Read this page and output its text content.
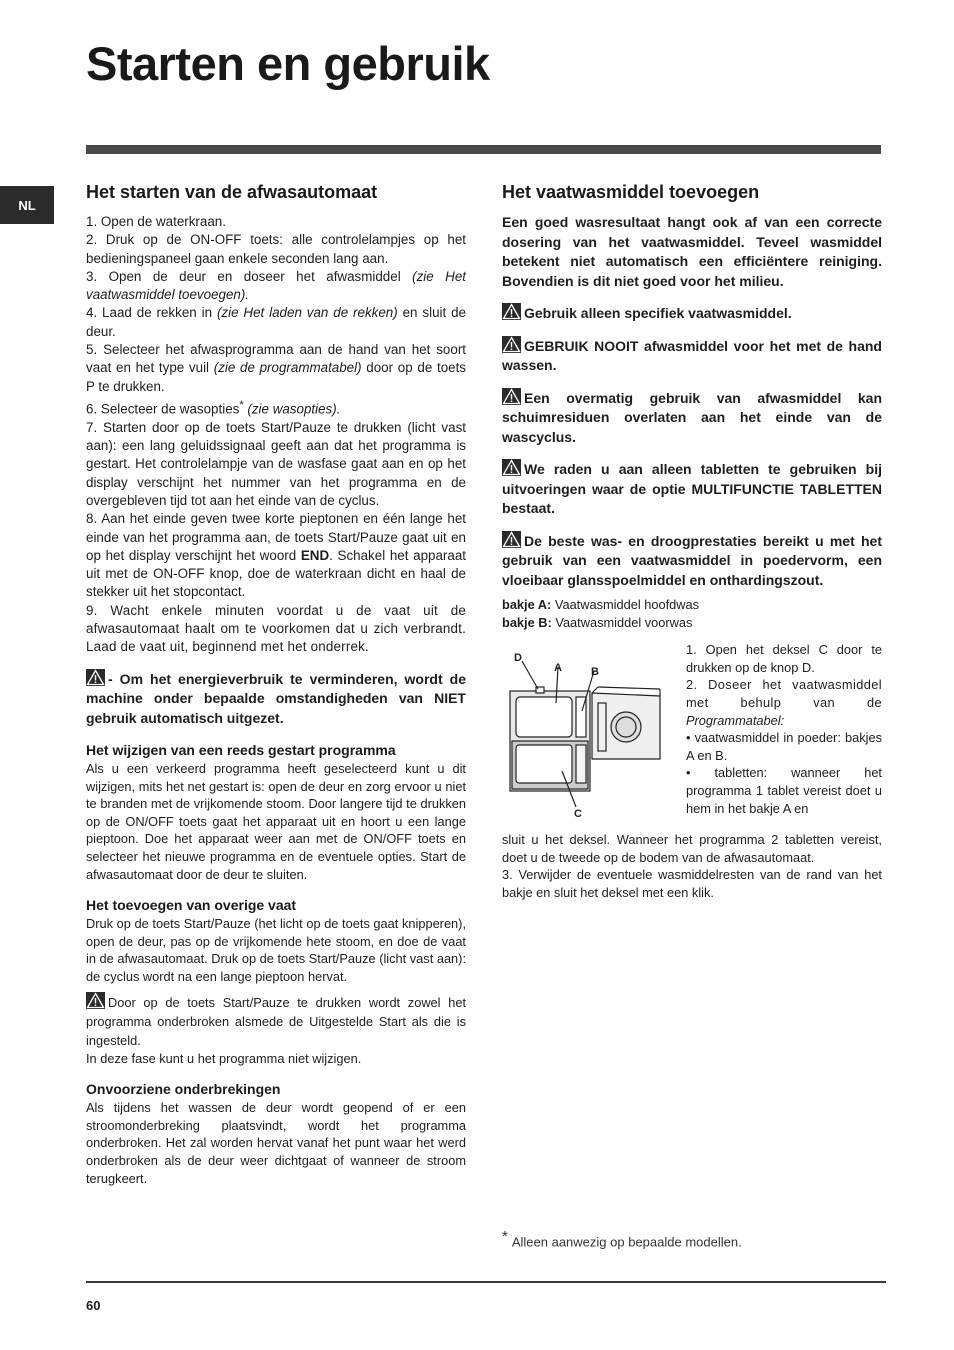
Starten en gebruik
NL
Het starten van de afwasautomaat

1. Open de waterkraan.

2. Druk op de ON-OFF toets: alle controlelampjes op het bedieningspaneel gaan enkele seconden lang aan.

3. Open de deur en doseer het afwasmiddel (zie Het vaatwasmiddel toevoegen).

4. Laad de rekken in (zie Het laden van de rekken) en sluit de deur.

5. Selecteer het afwasprogramma aan de hand van het soort vaat en het type vuil (zie de programmatabel) door op de toets P te drukken.

6. Selecteer de wasopties* (zie wasopties).

7. Starten door op de toets Start/Pauze te drukken (licht vast aan): een lang geluidssignaal geeft aan dat het programma is gestart. Het controlelampje van de wasfase gaat aan en op het display verschijnt het nummer van het programma en de overgebleven tijd tot aan het einde van de cyclus.

8. Aan het einde geven twee korte pieptonen en één lange het einde van het programma aan, de toets Start/Pauze gaat uit en op het display verschijnt het woord END. Schakel het apparaat uit met de ON-OFF knop, doe de waterkraan dicht en haal de stekker uit het stopcontact.

9. Wacht enkele minuten voordat u de vaat uit de afwasautomaat haalt om te voorkomen dat u zich verbrandt. Laad de vaat uit, beginnend met het onderrek.

- Om het energieverbruik te verminderen, wordt de machine onder bepaalde omstandigheden van NIET gebruik automatisch uitgezet.

Het wijzigen van een reeds gestart programma

Als u een verkeerd programma heeft geselecteerd kunt u dit wijzigen, mits het net gestart is: open de deur en zorg ervoor u niet te branden met de vrijkomende stoom. Door langere tijd te drukken op de ON/OFF toets gaat het apparaat uit en hoort u een lange pieptoon. Doe het apparaat weer aan met de ON/OFF toets en selecteer het nieuwe programma en de eventuele opties. Start de afwasautomaat door de deur te sluiten.

Het toevoegen van overige vaat

Druk op de toets Start/Pauze (het licht op de toets gaat knipperen), open de deur, pas op de vrijkomende hete stoom, en doe de vaat in de afwasautomaat. Druk op de toets Start/Pauze (licht vast aan): de cyclus wordt na een lange pieptoon hervat.

Door op de toets Start/Pauze te drukken wordt zowel het programma onderbroken alsmede de Uitgestelde Start als die is ingesteld.

In deze fase kunt u het programma niet wijzigen.

Onvoorziene onderbrekingen

Als tijdens het wassen de deur wordt geopend of er een stroomonderbreking plaatsvindt, wordt het programma onderbroken. Het zal worden hervat vanaf het punt waar het werd onderbroken als de deur weer dichtgaat of wanneer de stroom terugkeert.

Het vaatwasmiddel toevoegen

Een goed wasresultaat hangt ook af van een correcte dosering van het vaatwasmiddel. Teveel wasmiddel betekent niet automatisch een efficiëntere reiniging. Bovendien is dit niet goed voor het milieu.

Gebruik alleen specifiek vaatwasmiddel.

GEBRUIK NOOIT afwasmiddel voor het met de hand wassen.

Een overmatig gebruik van afwasmiddel kan schuimresiduen overlaten aan het einde van de wascyclus.

We raden u aan alleen tabletten te gebruiken bij uitvoeringen waar de optie MULTIFUNCTIE TABLETTEN bestaat.

De beste was- en droogprestaties bereikt u met het gebruik van een vaatwasmiddel in poedervorm, een vloeibaar glansspoelmiddel en onthardingszout.

bakje A: Vaatwasmiddel hoofdwas

bakje B: Vaatwasmiddel voorwas

D
A	B
C

1. Open het deksel C door te drukken op de knop D.

2. Doseer het vaatwasmiddel met behulp van de Programmatabel:

• vaatwasmiddel in poeder: bakjes A en B.

• tabletten: wanneer het programma 1 tablet vereist doet u hem in het bakje A en

sluit u het deksel. Wanneer het programma 2 tabletten vereist, doet u de tweede op de bodem van de afwasautomaat.

3. Verwijder de eventuele wasmiddelresten van de rand van het bakje en sluit het deksel met een klik.

* Alleen aanwezig op bepaalde modellen.
60
